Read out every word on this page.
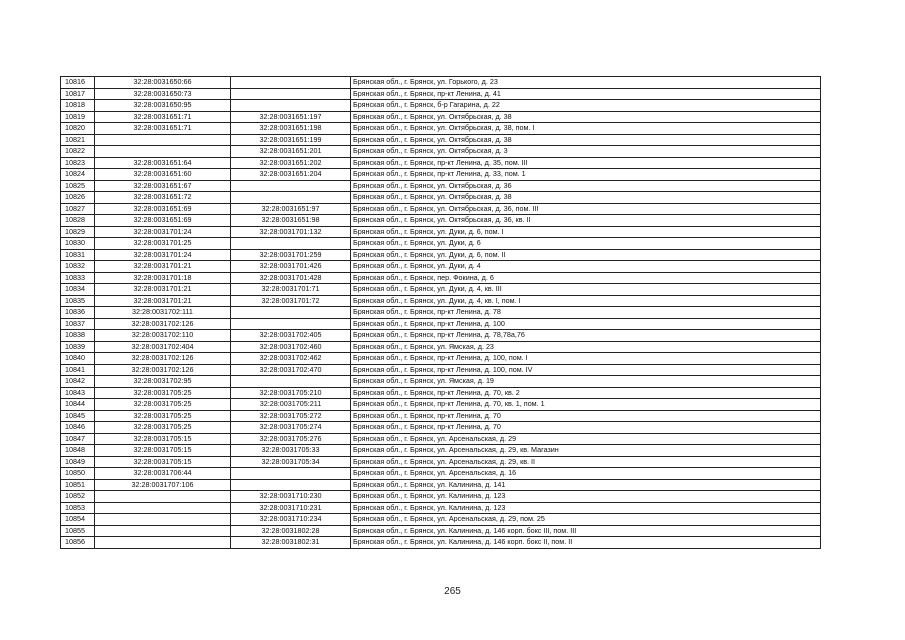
10816	32:28:0031650:66		Брянская обл., г. Брянск, ул. Горького, д. 23
10817	32:28:0031650:73		Брянская обл., г. Брянск, пр-кт Ленина, д. 41
10818	32:28:0031650:95		Брянская обл., г. Брянск, б-р Гагарина, д. 22
10819	32:28:0031651:71	32:28:0031651:197	Брянская обл., г. Брянск, ул. Октябрьская, д. 38
10820	32:28:0031651:71	32:28:0031651:198	Брянская обл., г. Брянск, ул. Октябрьская, д. 38, пом. I
10821		32:28:0031651:199	Брянская обл., г. Брянск, ул. Октябрьская, д. 38
10822		32:28:0031651:201	Брянская обл., г. Брянск, ул. Октябрьская, д. 3
10823	32:28:0031651:64	32:28:0031651:202	Брянская обл., г. Брянск, пр-кт Ленина, д. 35, пом. III
10824	32:28:0031651:60	32:28:0031651:204	Брянская обл., г. Брянск, пр-кт Ленина, д. 33, пом. 1
10825	32:28:0031651:67		Брянская обл., г. Брянск, ул. Октябрьская, д. 36
10826	32:28:0031651:72		Брянская обл., г. Брянск, ул. Октябрьская, д. 38
10827	32:28:0031651:69	32:28:0031651:97	Брянская обл., г. Брянск, ул. Октябрьская, д. 36, пом. III
10828	32:28:0031651:69	32:28:0031651:98	Брянская обл., г. Брянск, ул. Октябрьская, д. 36, кв. II
10829	32:28:0031701:24	32:28:0031701:132	Брянская обл., г. Брянск, ул. Дуки, д. 6, пом. I
10830	32:28:0031701:25		Брянская обл., г. Брянск, ул. Дуки, д. 6
10831	32:28:0031701:24	32:28:0031701:259	Брянская обл., г. Брянск, ул. Дуки, д. 6, пом. II
10832	32:28:0031701:21	32:28:0031701:426	Брянская обл., г. Брянск, ул. Дуки, д. 4
10833	32:28:0031701:18	32:28:0031701:428	Брянская обл., г. Брянск, пер. Фокина, д. 6
10834	32:28:0031701:21	32:28:0031701:71	Брянская обл., г. Брянск, ул. Дуки, д. 4, кв. III
10835	32:28:0031701:21	32:28:0031701:72	Брянская обл., г. Брянск, ул. Дуки, д. 4, кв. I, пом. I
10836	32:28:0031702:111		Брянская обл., г. Брянск, пр-кт Ленина, д. 78
10837	32:28:0031702:126		Брянская обл., г. Брянск, пр-кт Ленина, д. 100
10838	32:28:0031702:110	32:28:0031702:405	Брянская обл., г. Брянск, пр-кт Ленина, д. 78,78а,76
10839	32:28:0031702:404	32:28:0031702:460	Брянская обл., г. Брянск, ул. Ямская, д. 23
10840	32:28:0031702:126	32:28:0031702:462	Брянская обл., г. Брянск, пр-кт Ленина, д. 100, пом. I
10841	32:28:0031702:126	32:28:0031702:470	Брянская обл., г. Брянск, пр-кт Ленина, д. 100, пом. IV
10842	32:28:0031702:95		Брянская обл., г. Брянск, ул. Ямская, д. 19
10843	32:28:0031705:25	32:28:0031705:210	Брянская обл., г. Брянск, пр-кт Ленина, д. 70, кв. 2
10844	32:28:0031705:25	32:28:0031705:211	Брянская обл., г. Брянск, пр-кт Ленина, д. 70, кв. 1, пом. 1
10845	32:28:0031705:25	32:28:0031705:272	Брянская обл., г. Брянск, пр-кт Ленина, д. 70
10846	32:28:0031705:25	32:28:0031705:274	Брянская обл., г. Брянск, пр-кт Ленина, д. 70
10847	32:28:0031705:15	32:28:0031705:276	Брянская обл., г. Брянск, ул. Арсенальская, д. 29
10848	32:28:0031705:15	32:28:0031705:33	Брянская обл., г. Брянск, ул. Арсенальская, д. 29, кв. Магазин
10849	32:28:0031705:15	32:28:0031705:34	Брянская обл., г. Брянск, ул. Арсенальская, д. 29, кв. II
10850	32:28:0031706:44		Брянская обл., г. Брянск, ул. Арсенальская, д. 16
10851	32:28:0031707:106		Брянская обл., г. Брянск, ул. Калинина, д. 141
10852		32:28:0031710:230	Брянская обл., г. Брянск, ул. Калинина, д. 123
10853		32:28:0031710:231	Брянская обл., г. Брянск, ул. Калинина, д. 123
10854		32:28:0031710:234	Брянская обл., г. Брянск, ул. Арсенальская, д. 29, пом. 25
10855		32:28:0031802:28	Брянская обл., г. Брянск, ул. Калинина, д. 146 корп. бокс III, пом. III
10856		32:28:0031802:31	Брянская обл., г. Брянск, ул. Калинина, д. 146 корп. бокс II, пом. II
265
